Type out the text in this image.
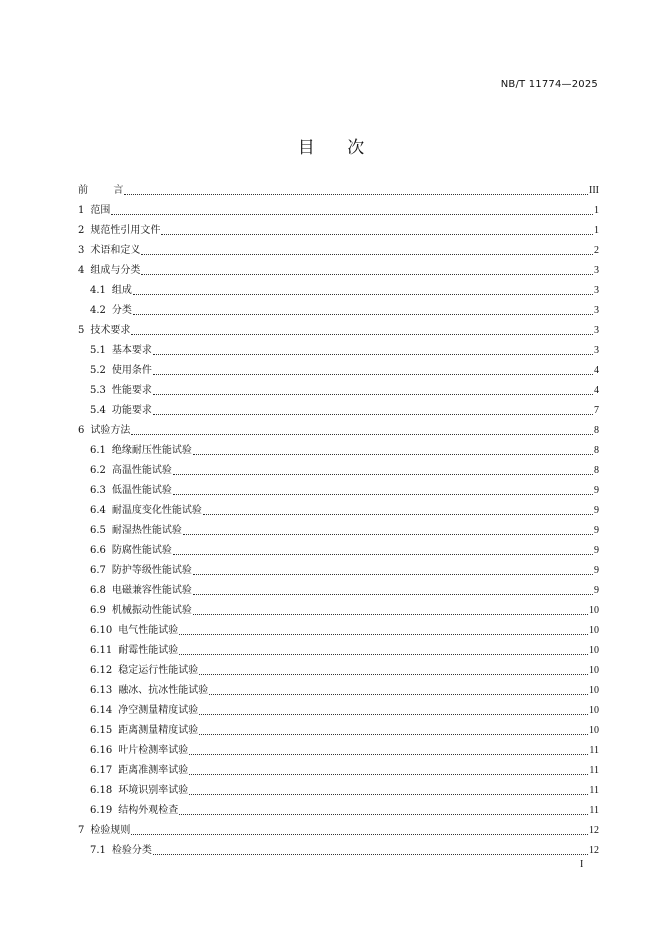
NB/T 11774—2025
目      次
前        言	III
1 范围	1
2 规范性引用文件	1
3 术语和定义	2
4 组成与分类	3
4.1 组成	3
4.2 分类	3
5 技术要求	3
5.1 基本要求	3
5.2 使用条件	4
5.3 性能要求	4
5.4 功能要求	7
6 试验方法	8
6.1 绝缘耐压性能试验	8
6.2 高温性能试验	8
6.3 低温性能试验	9
6.4 耐温度变化性能试验	9
6.5 耐湿热性能试验	9
6.6 防腐性能试验	9
6.7 防护等级性能试验	9
6.8 电磁兼容性能试验	9
6.9 机械振动性能试验	10
6.10 电气性能试验	10
6.11 耐霉性能试验	10
6.12 稳定运行性能试验	10
6.13 融冰、抗冰性能试验	10
6.14 净空测量精度试验	10
6.15 距离测量精度试验	10
6.16 叶片检测率试验	11
6.17 距离准测率试验	11
6.18 环境识别率试验	11
6.19 结构外观检查	11
7 检验规则	12
7.1 检验分类	12
I
